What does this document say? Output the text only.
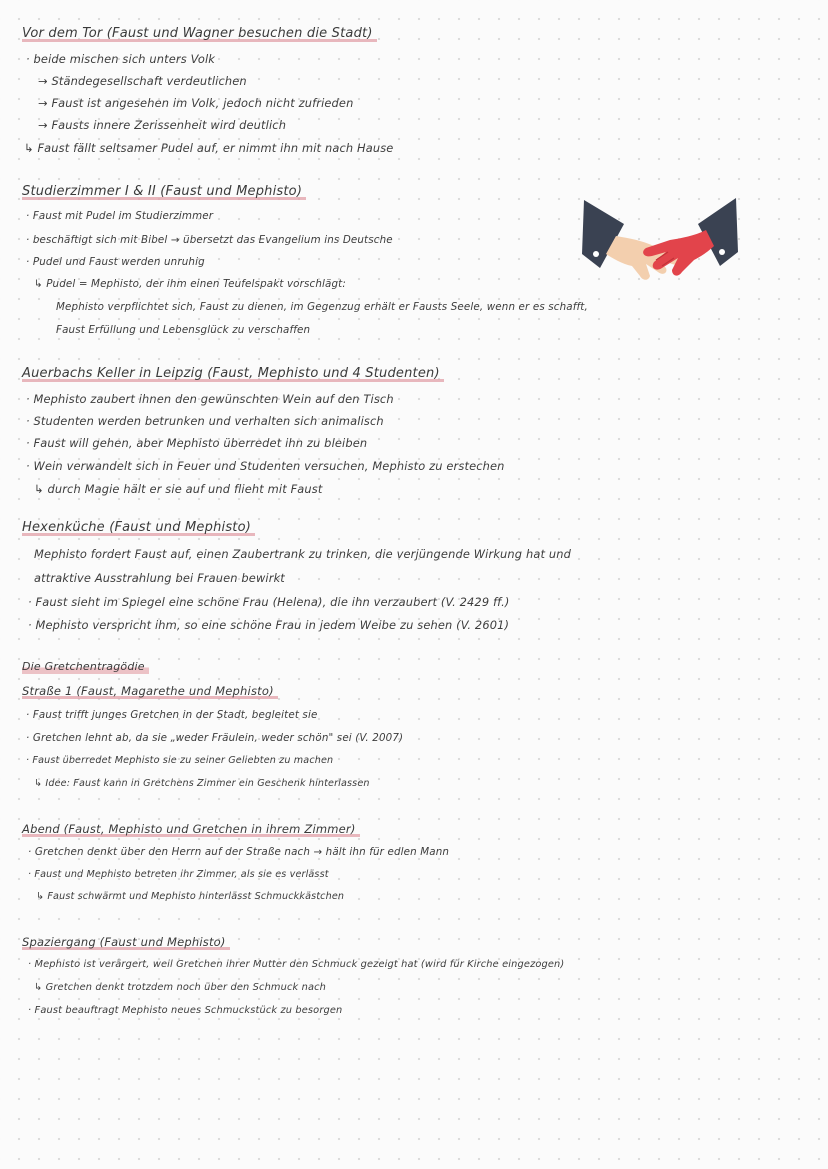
Vor dem Tor (Faust und Wagner besuchen die Stadt)
· beide mischen sich unters Volk
→ Ständegesellschaft verdeutlichen
→ Faust ist angesehen im Volk, jedoch nicht zufrieden
→ Fausts innere Zerissenheit wird deutlich
↳ Faust fällt seltsamer Pudel auf, er nimmt ihn mit nach Hause
Studierzimmer I & II (Faust und Mephisto)
· Faust mit Pudel im Studierzimmer
· beschäftigt sich mit Bibel → übersetzt das Evangelium ins Deutsche
· Pudel und Faust werden unruhig
↳ Pudel = Mephisto, der ihm einen Teufelspakt vorschlägt:
Mephisto verpflichtet sich, Faust zu dienen, im Gegenzug erhält er Fausts Seele, wenn er es schafft,
Faust Erfüllung und Lebensglück zu verschaffen
Auerbachs Keller in Leipzig (Faust, Mephisto und 4 Studenten)
· Mephisto zaubert ihnen den gewünschten Wein auf den Tisch
· Studenten werden betrunken und verhalten sich animalisch
· Faust will gehen, aber Mephisto überredet ihn zu bleiben
· Wein verwandelt sich in Feuer und Studenten versuchen, Mephisto zu erstechen
↳ durch Magie hält er sie auf und flieht mit Faust
Hexenküche (Faust und Mephisto)
Mephisto fordert Faust auf, einen Zaubertrank zu trinken, die verjüngende Wirkung hat und
attraktive Ausstrahlung bei Frauen bewirkt
· Faust sieht im Spiegel eine schöne Frau (Helena), die ihn verzaubert (V. 2429 ff.)
· Mephisto verspricht ihm, so eine schöne Frau in jedem Weibe zu sehen (V. 2601)
Die Gretchentragödie
Straße 1 (Faust, Magarethe und Mephisto)
· Faust trifft junges Gretchen in der Stadt, begleitet sie
· Gretchen lehnt ab, da sie „weder Fräulein, weder schön" sei (V. 2007)
· Faust überredet Mephisto sie zu seiner Geliebten zu machen
↳ Idee: Faust kann in Gretchens Zimmer ein Geschenk hinterlassen
Abend (Faust, Mephisto und Gretchen in ihrem Zimmer)
· Gretchen denkt über den Herrn auf der Straße nach → hält ihn für edlen Mann
· Faust und Mephisto betreten ihr Zimmer, als sie es verlässt
↳ Faust schwärmt und Mephisto hinterlässt Schmuckkästchen
Spaziergang (Faust und Mephisto)
· Mephisto ist verärgert, weil Gretchen ihrer Mutter den Schmuck gezeigt hat (wird für Kirche eingezogen)
↳ Gretchen denkt trotzdem noch über den Schmuck nach
· Faust beauftragt Mephisto neues Schmuckstück zu besorgen
